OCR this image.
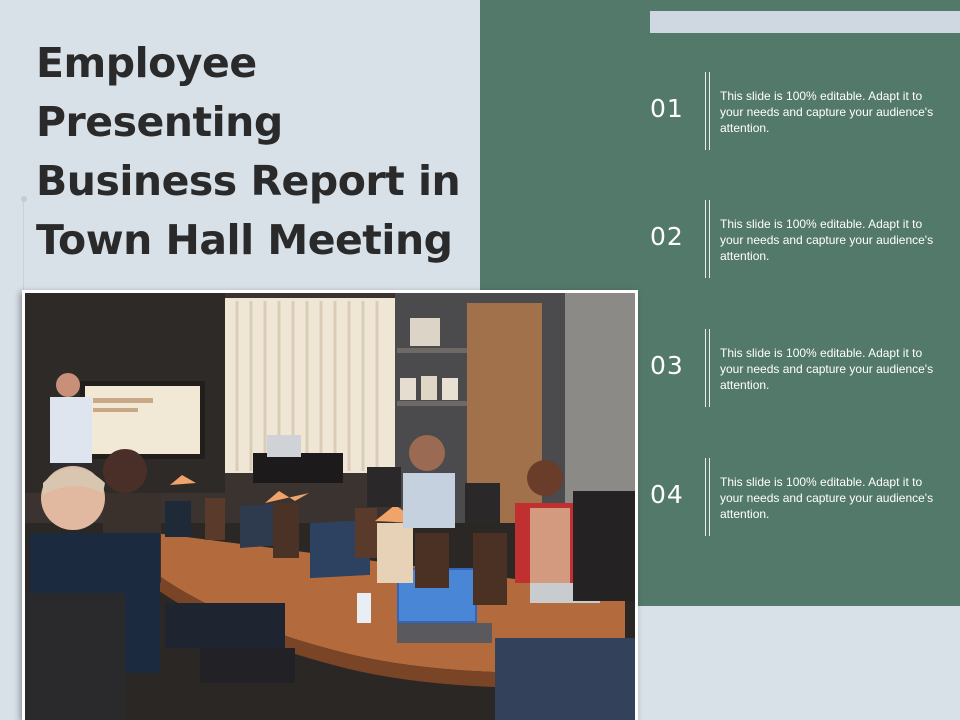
Employee Presenting Business Report in Town Hall Meeting
01	This slide is 100% editable. Adapt it to your needs and capture your audience's attention.
02	This slide is 100% editable. Adapt it to your needs and capture your audience's attention.
03	This slide is 100% editable. Adapt it to your needs and capture your audience's attention.
04	This slide is 100% editable. Adapt it to your needs and capture your audience's attention.
